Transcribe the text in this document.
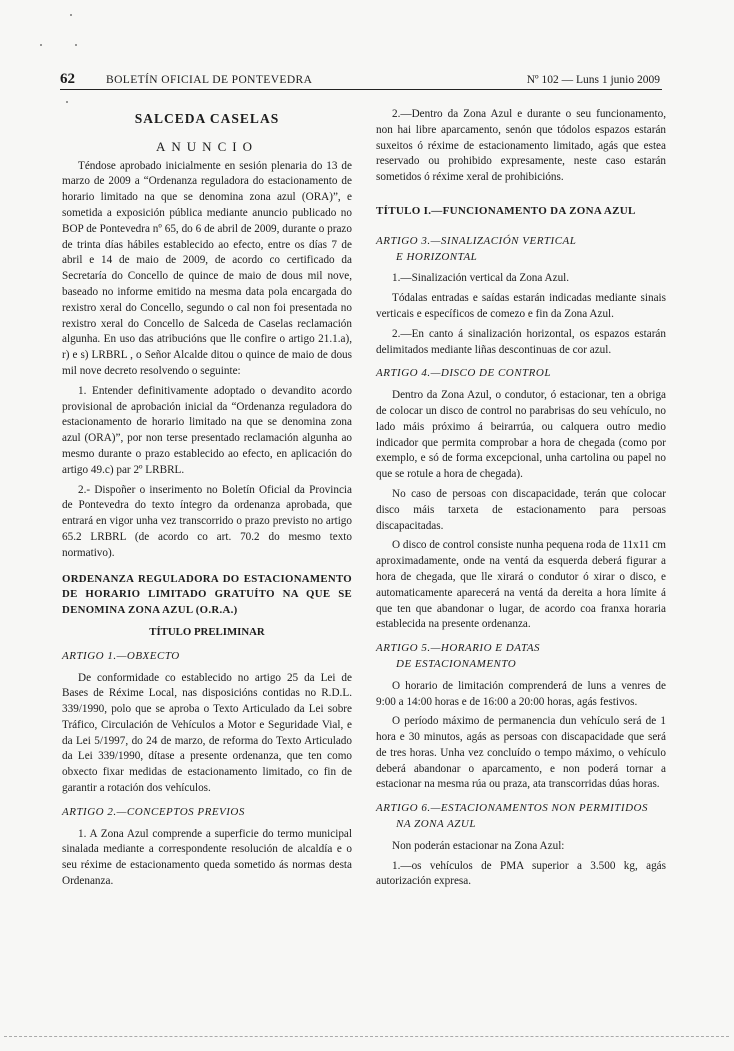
62	BOLETÍN OFICIAL DE PONTEVEDRA	Nº 102 — Luns 1 junio 2009
SALCEDA CASELAS
ANUNCIO

Téndose aprobado inicialmente en sesión plenaria do 13 de marzo de 2009 a “Ordenanza reguladora do estacionamento de horario limitado na que se denomina zona azul (ORA)”, e sometida a exposición pública mediante anuncio publicado no BOP de Pontevedra nº 65, do 6 de abril de 2009, durante o prazo de trinta días hábiles establecido ao efecto, entre os días 7 de abril e 14 de maio de 2009, de acordo co certificado da Secretaría do Concello de quince de maio de dous mil nove, baseado no informe emitido na mesma data pola encargada do rexistro xeral do Concello, segundo o cal non foi presentada no rexistro xeral do Concello de Salceda de Caselas reclamación algunha. En uso das atribucións que lle confire o artigo 21.1.a), r) e s) LRBRL , o Señor Alcalde ditou o quince de maio de dous mil nove decreto resolvendo o seguinte:

1. Entender definitivamente adoptado o devandito acordo provisional de aprobación inicial da “Ordenanza reguladora do estacionamento de horario limitado na que se denomina zona azul (ORA)”, por non terse presentado reclamación algunha ao mesmo durante o prazo establecido ao efecto, en aplicación do artigo 49.c) par 2º LRBRL.

2.- Dispoñer o inserimento no Boletín Oficial da Provincia de Pontevedra do texto íntegro da ordenanza aprobada, que entrará en vigor unha vez transcorrido o prazo previsto no artigo 65.2 LRBRL (de acordo co art. 70.2 do mesmo texto normativo).

ORDENANZA REGULADORA DO ESTACIONAMENTO DE HORARIO LIMITADO GRATUÍTO NA QUE SE DENOMINA ZONA AZUL (O.R.A.)
TÍTULO PRELIMINAR
ARTIGO 1.—OBXECTO

De conformidade co establecido no artigo 25 da Lei de Bases de Réxime Local, nas disposicións contidas no R.D.L. 339/1990, polo que se aproba o Texto Articulado da Lei sobre Tráfico, Circulación de Vehículos a Motor e Seguridade Vial, e da Lei 5/1997, do 24 de marzo, de reforma do Texto Articulado da Lei 339/1990, dítase a presente ordenanza, que ten como obxecto fixar medidas de estacionamento limitado, co fin de garantir a rotación dos vehículos.

ARTIGO 2.—CONCEPTOS PREVIOS

1. A Zona Azul comprende a superficie do termo municipal sinalada mediante a correspondente resolución de alcaldía e o seu réxime de estacionamento queda sometido ás normas desta Ordenanza.

2.—Dentro da Zona Azul e durante o seu funcionamento, non hai libre aparcamento, senón que tódolos espazos estarán suxeitos ó réxime de estacionamento limitado, agás que estea reservado ou prohibido expresamente, neste caso estarán sometidos ó réxime xeral de prohibicións.

TÍTULO I.—FUNCIONAMENTO DA ZONA AZUL
ARTIGO 3.—SINALIZACIÓN VERTICAL
E HORIZONTAL

1.—Sinalización vertical da Zona Azul.

Tódalas entradas e saídas estarán indicadas mediante sinais verticais e específicos de comezo e fin da Zona Azul.

2.—En canto á sinalización horizontal, os espazos estarán delimitados mediante liñas descontinuas de cor azul.

ARTIGO 4.—DISCO DE CONTROL

Dentro da Zona Azul, o condutor, ó estacionar, ten a obriga de colocar un disco de control no parabrisas do seu vehículo, no lado máis próximo á beirarrúa, ou calquera outro medio indicador que permita comprobar a hora de chegada (como por exemplo, e só de forma excepcional, unha cartolina ou papel no que se rotule a hora de chegada).

No caso de persoas con discapacidade, terán que colocar disco máis tarxeta de estacionamento para persoas discapacitadas.

O disco de control consiste nunha pequena roda de 11x11 cm aproximadamente, onde na ventá da esquerda deberá figurar a hora de chegada, que lle xirará o condutor ó xirar o disco, e automaticamente aparecerá na ventá da dereita a hora límite á que ten que abandonar o lugar, de acordo coa franxa horaria establecida na presente ordenanza.

ARTIGO 5.—HORARIO E DATAS
DE ESTACIONAMENTO

O horario de limitación comprenderá de luns a venres de 9:00 a 14:00 horas e de 16:00 a 20:00 horas, agás festivos.

O período máximo de permanencia dun vehículo será de 1 hora e 30 minutos, agás as persoas con discapacidade que será de tres horas. Unha vez concluído o tempo máximo, o vehículo deberá abandonar o aparcamento, e non poderá tornar a estacionar na mesma rúa ou praza, ata transcorridas dúas horas.

ARTIGO 6.—ESTACIONAMENTOS NON PERMITIDOS
NA ZONA AZUL

Non poderán estacionar na Zona Azul:

1.—os vehículos de PMA superior a 3.500 kg, agás autorización expresa.
